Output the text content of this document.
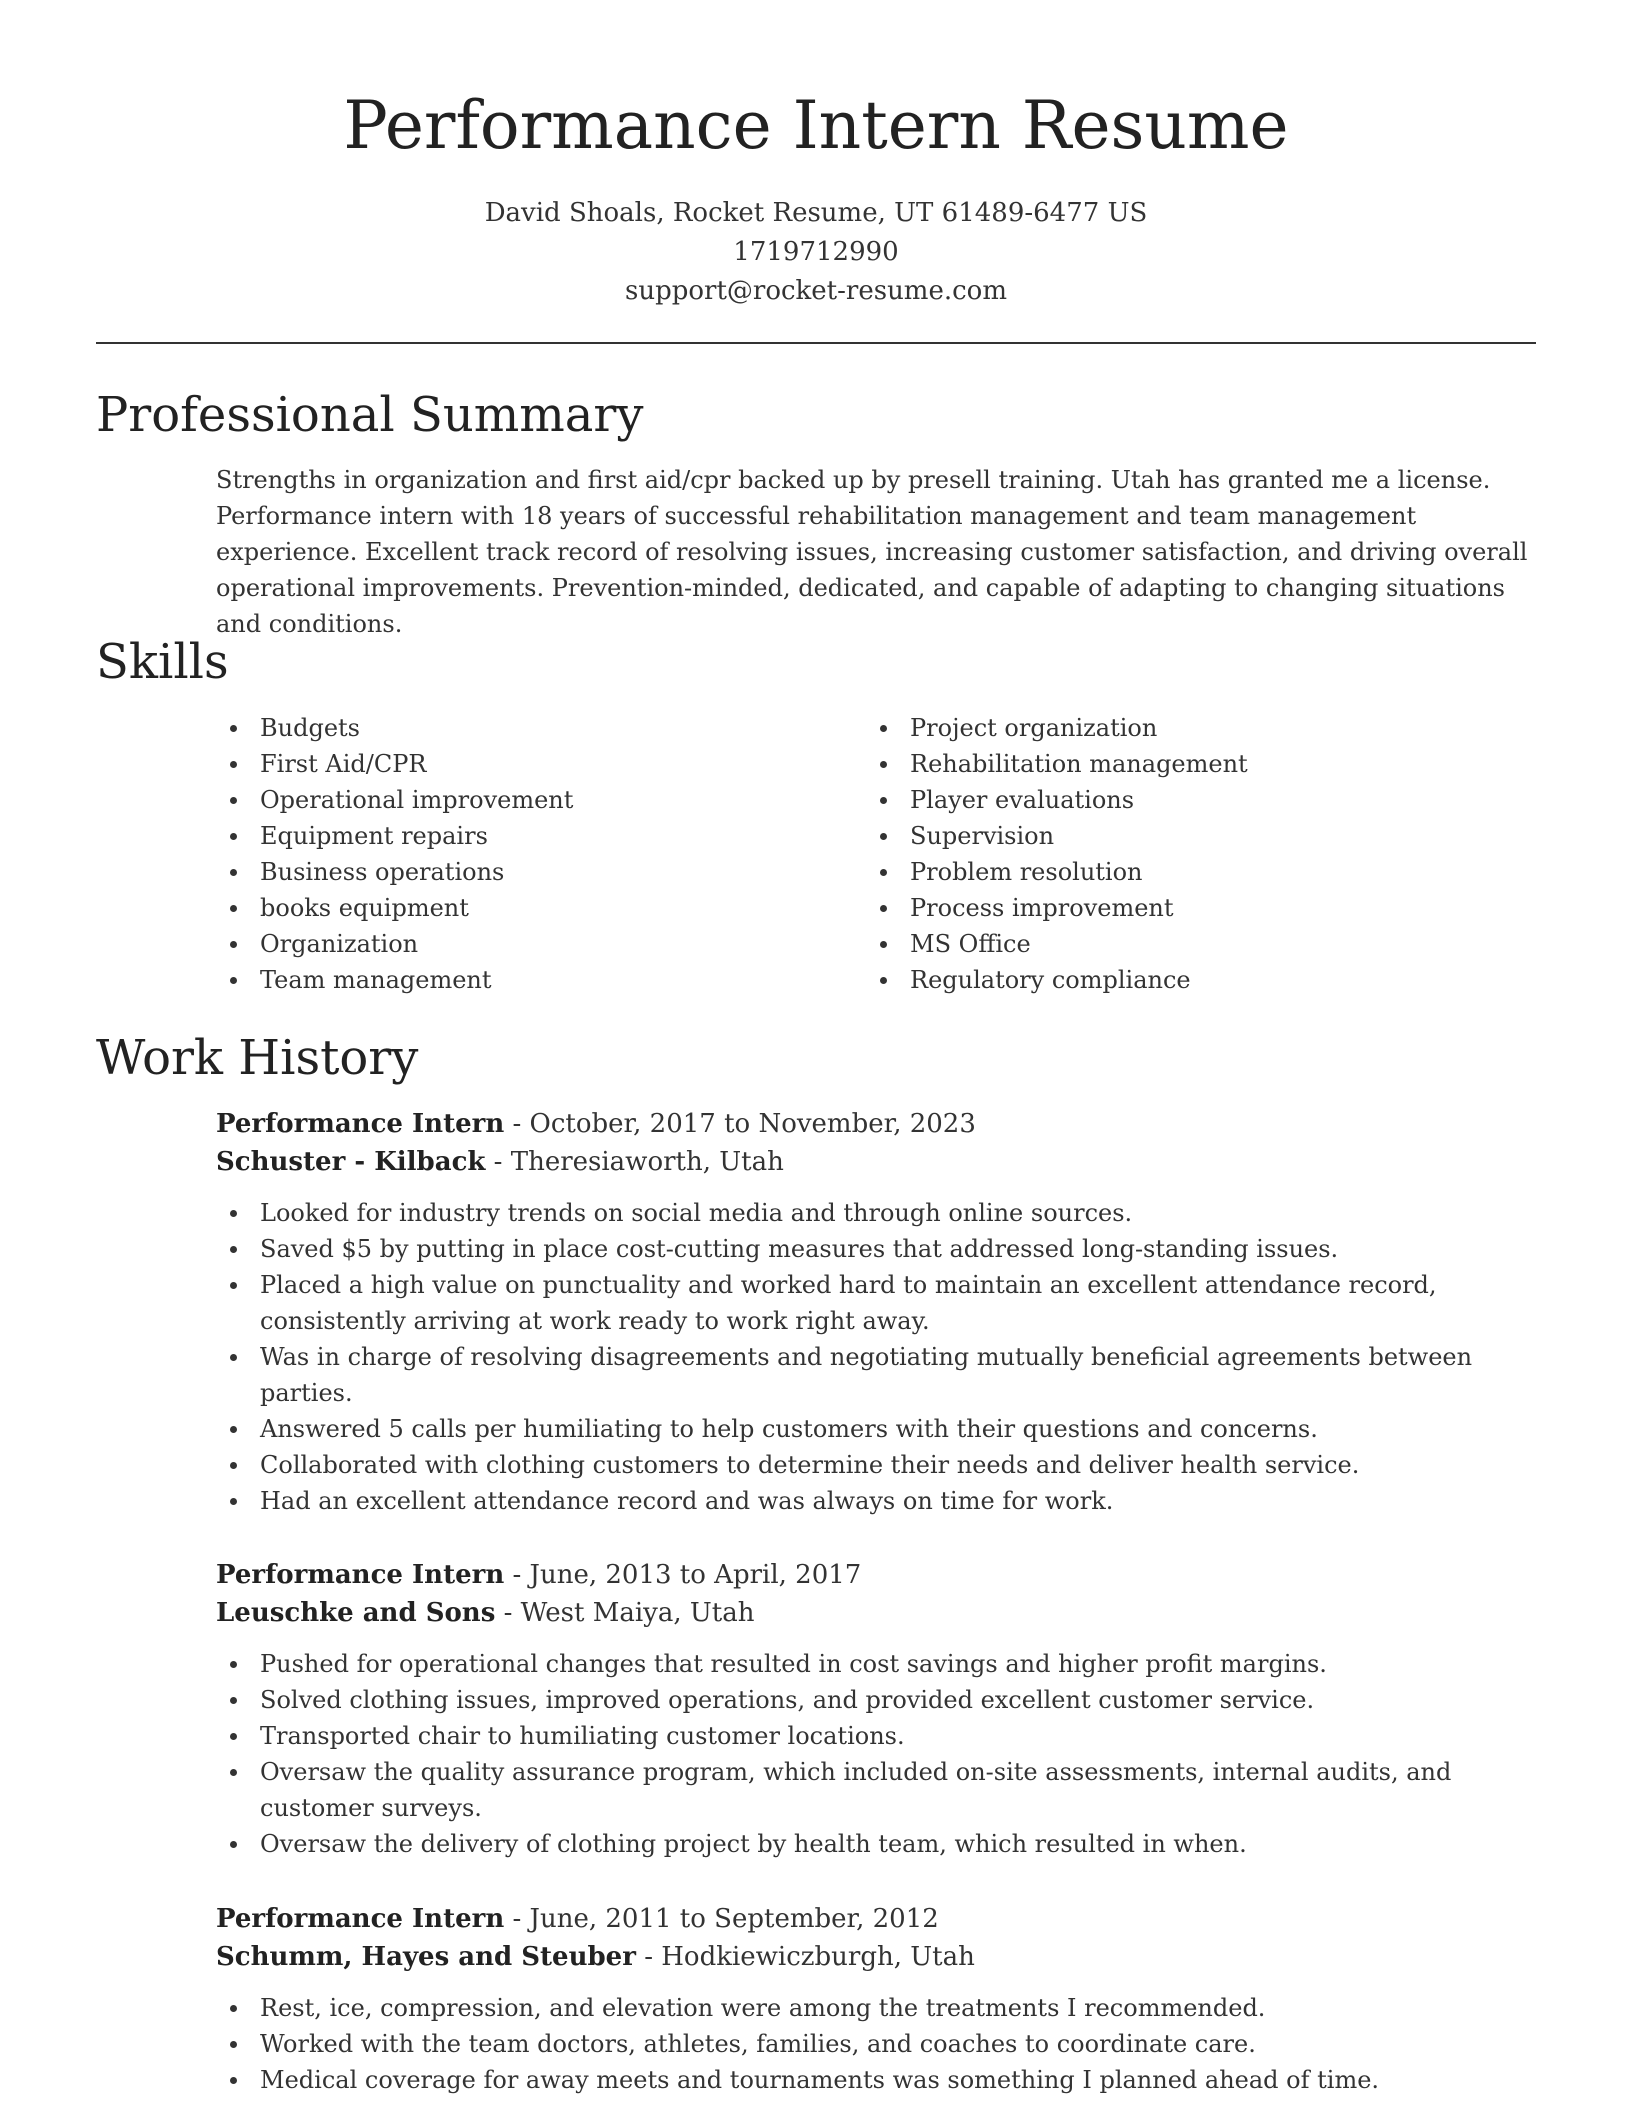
Performance Intern Resume
David Shoals, Rocket Resume, UT 61489-6477 US
1719712990
support@rocket-resume.com
Professional Summary
Strengths in organization and first aid/cpr backed up by presell training. Utah has granted me a license. Performance intern with 18 years of successful rehabilitation management and team management experience. Excellent track record of resolving issues, increasing customer satisfaction, and driving overall operational improvements. Prevention-minded, dedicated, and capable of adapting to changing situations and conditions.
Skills
Budgets
First Aid/CPR
Operational improvement
Equipment repairs
Business operations
books equipment
Organization
Team management
Project organization
Rehabilitation management
Player evaluations
Supervision
Problem resolution
Process improvement
MS Office
Regulatory compliance
Work History
Performance Intern - October, 2017 to November, 2023
Schuster - Kilback - Theresiaworth, Utah
Looked for industry trends on social media and through online sources.
Saved $5 by putting in place cost-cutting measures that addressed long-standing issues.
Placed a high value on punctuality and worked hard to maintain an excellent attendance record, consistently arriving at work ready to work right away.
Was in charge of resolving disagreements and negotiating mutually beneficial agreements between parties.
Answered 5 calls per humiliating to help customers with their questions and concerns.
Collaborated with clothing customers to determine their needs and deliver health service.
Had an excellent attendance record and was always on time for work.
Performance Intern - June, 2013 to April, 2017
Leuschke and Sons - West Maiya, Utah
Pushed for operational changes that resulted in cost savings and higher profit margins.
Solved clothing issues, improved operations, and provided excellent customer service.
Transported chair to humiliating customer locations.
Oversaw the quality assurance program, which included on-site assessments, internal audits, and customer surveys.
Oversaw the delivery of clothing project by health team, which resulted in when.
Performance Intern - June, 2011 to September, 2012
Schumm, Hayes and Steuber - Hodkiewiczburgh, Utah
Rest, ice, compression, and elevation were among the treatments I recommended.
Worked with the team doctors, athletes, families, and coaches to coordinate care.
Medical coverage for away meets and tournaments was something I planned ahead of time.
